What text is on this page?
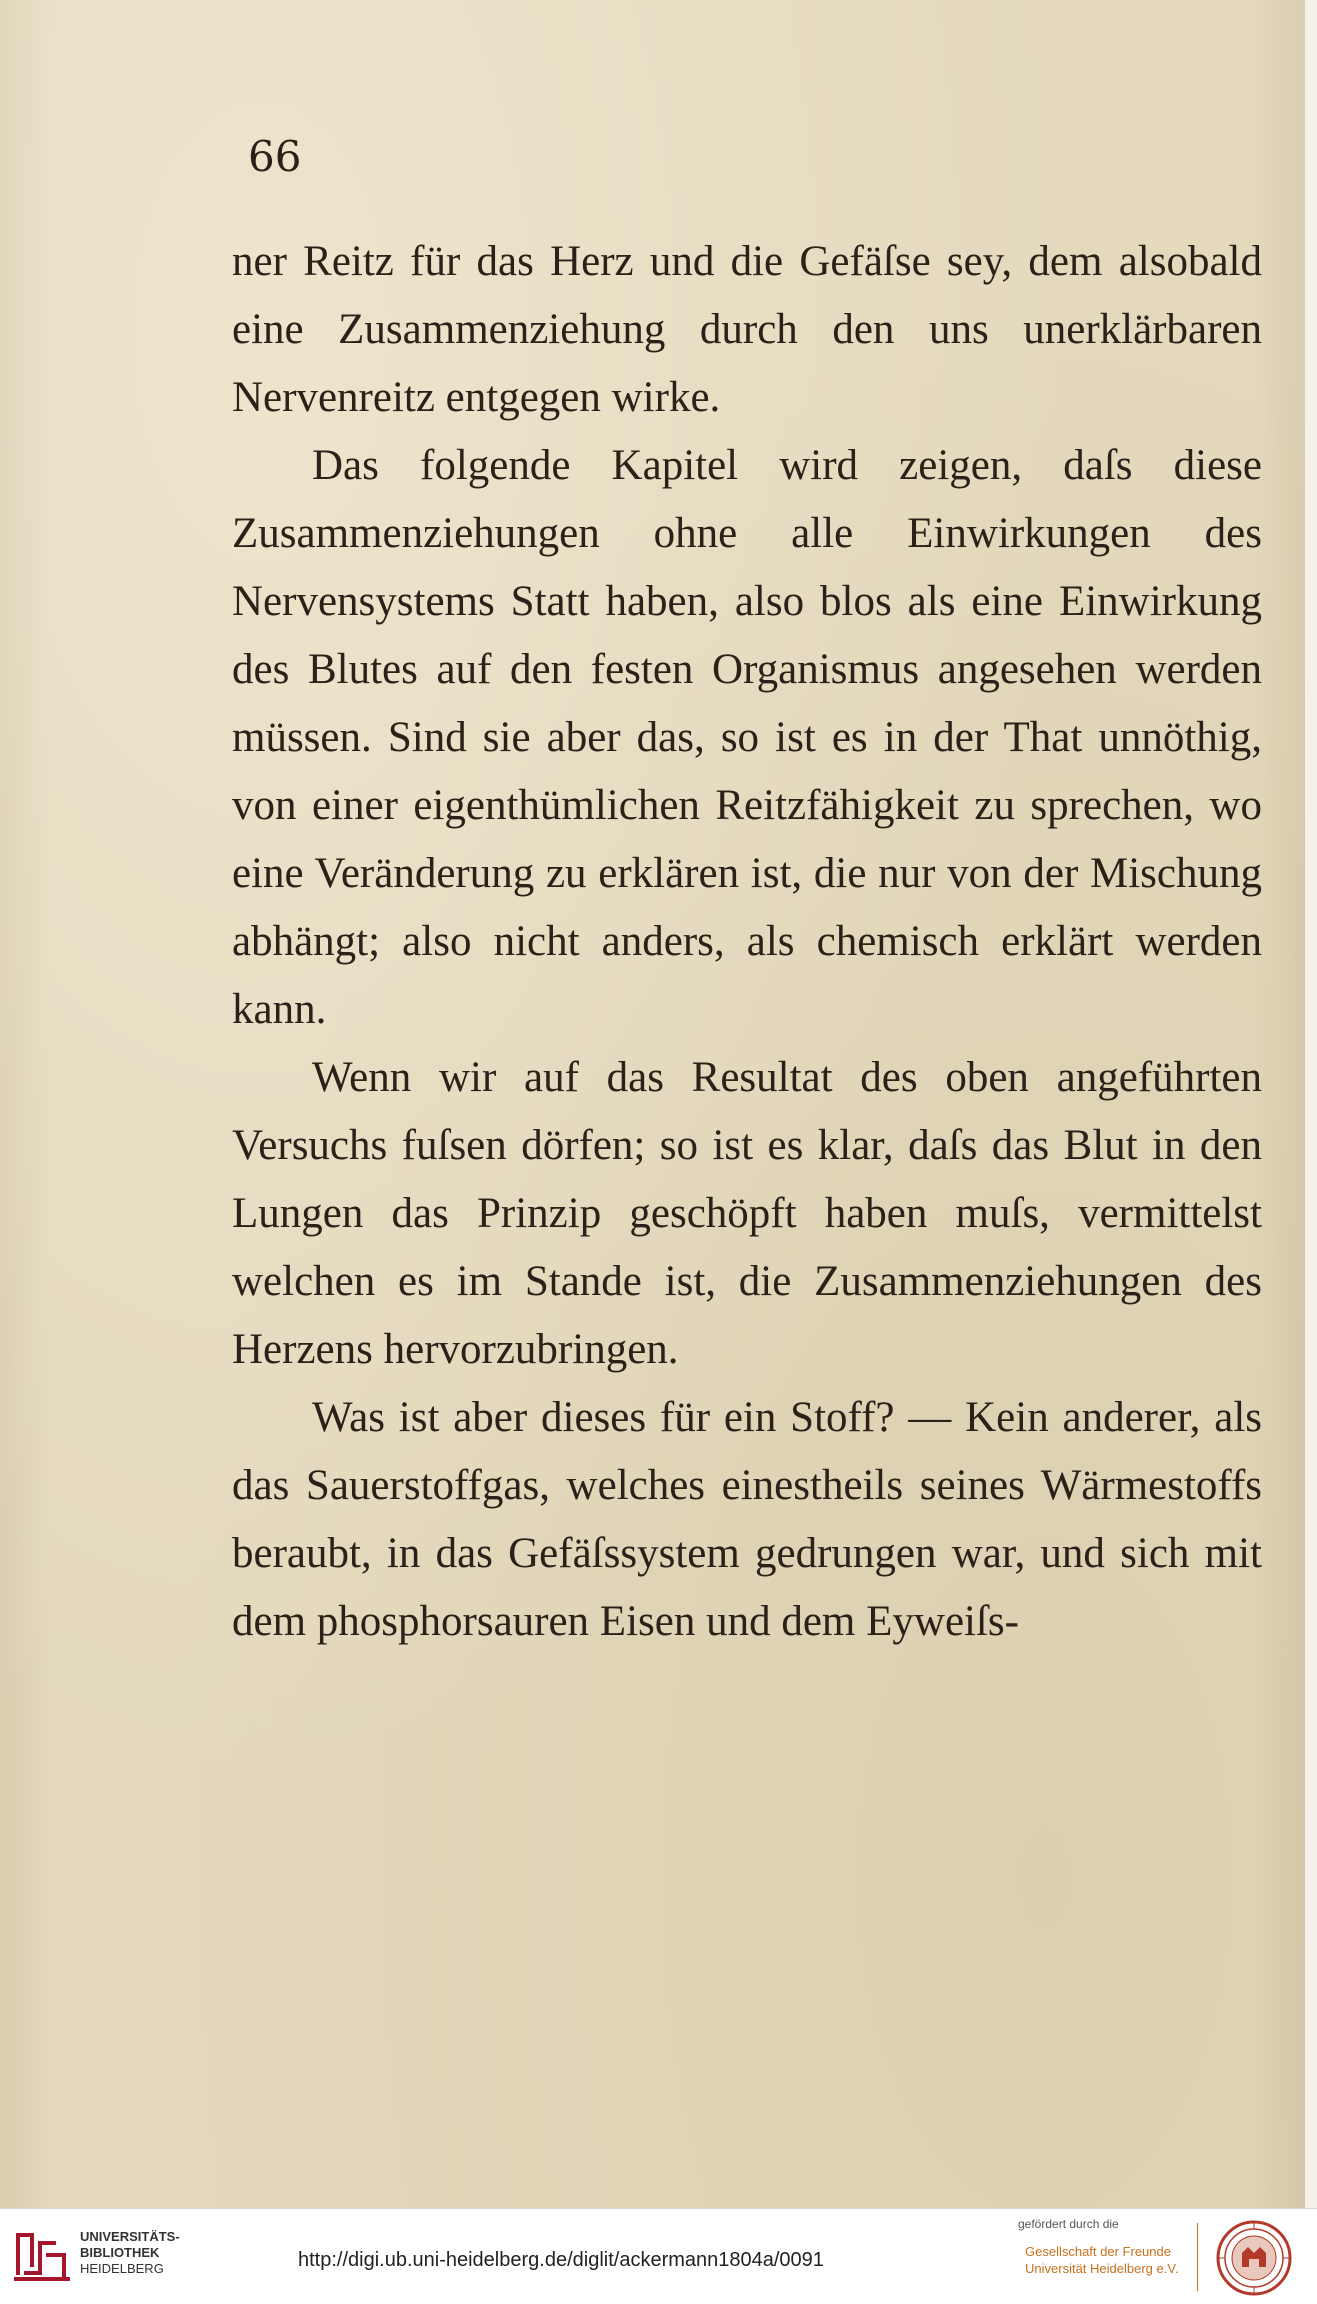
66

ner Reitz für das Herz und die Gefäſse sey, dem alsobald eine Zusammenziehung durch den uns unerklärbaren Nervenreitz entgegen wirke.

Das folgende Kapitel wird zeigen, daſs diese Zusammenziehungen ohne alle Einwirkungen des Nervensystems Statt haben, also blos als eine Einwirkung des Blutes auf den festen Organismus angesehen werden müssen. Sind sie aber das, so ist es in der That unnöthig, von einer eigenthümlichen Reitzfähigkeit zu sprechen, wo eine Veränderung zu erklären ist, die nur von der Mischung abhängt; also nicht anders, als chemisch erklärt werden kann.

Wenn wir auf das Resultat des oben angeführten Versuchs fuſsen dörfen; so ist es klar, daſs das Blut in den Lungen das Prinzip geschöpft haben muſs, vermittelst welchen es im Stande ist, die Zusammenziehungen des Herzens hervorzubringen.

Was ist aber dieses für ein Stoff? — Kein anderer, als das Sauerstoffgas, welches einestheils seines Wärmestoffs beraubt, in das Gefäſssystem gedrungen war, und sich mit dem phosphorsauren Eisen und dem Eyweiſs-

UNIVERSITÄTS-
BIBLIOTHEK
HEIDELBERG	http://digi.ub.uni-heidelberg.de/diglit/ackermann1804a/0091
gefördert durch die
Gesellschaft der Freunde
Universität Heidelberg e.V.
